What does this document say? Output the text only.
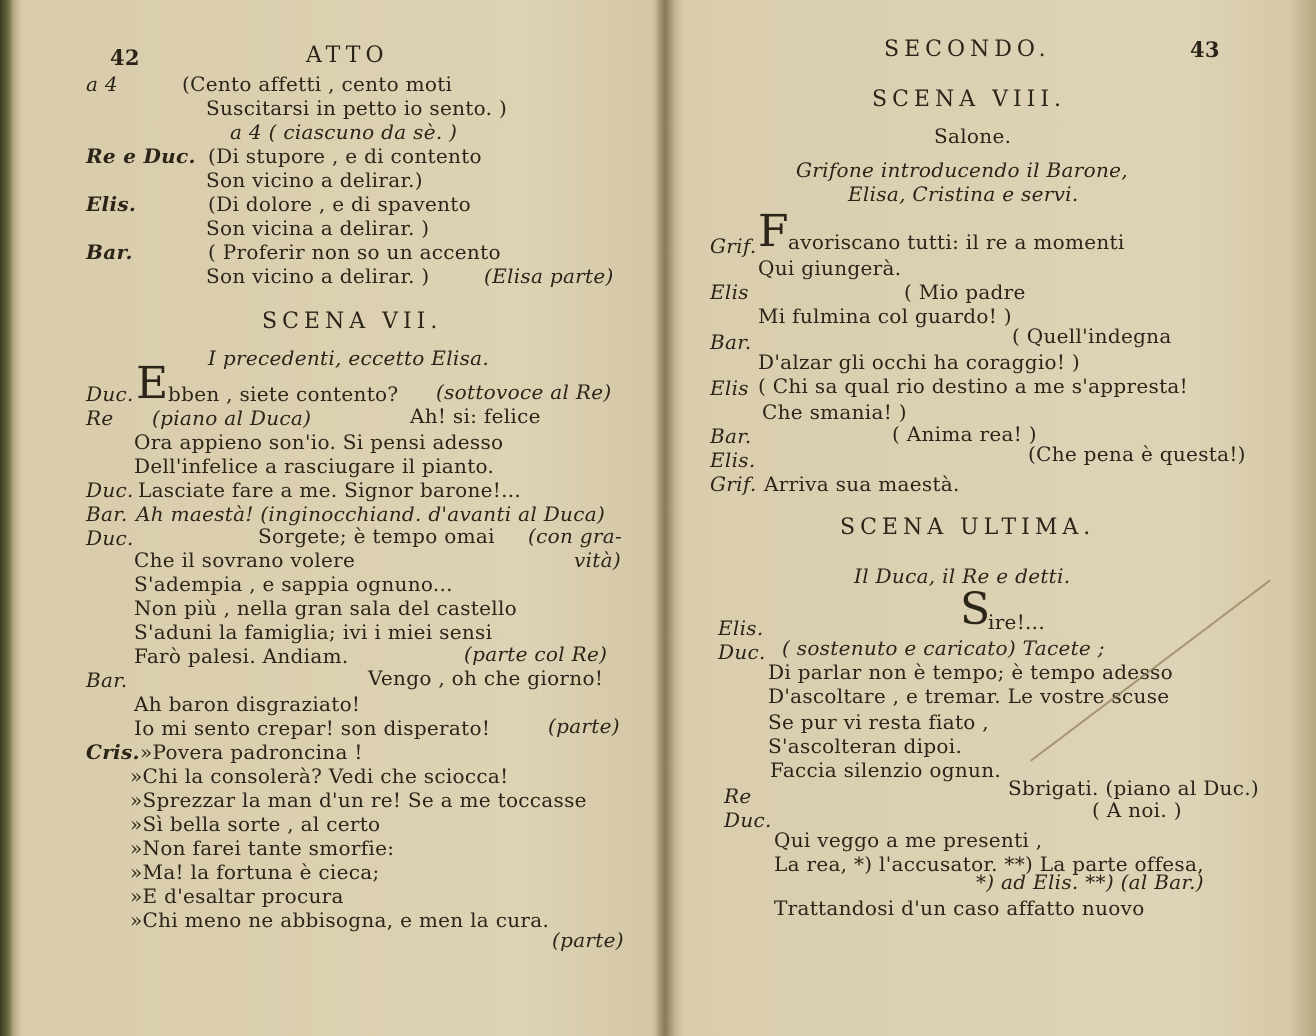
42	ATTO
a 4	(Cento affetti , cento moti
Suscitarsi in petto io sento. )
a 4 ( ciascuno da sè. )
Re e Duc. (Di stupore , e di contento
Son vicino a delirar.)
Elis.	(Di dolore , e di spavento
Son vicina a delirar. )
Bar.	( Proferir non so un accento
Son vicino a delirar. )	(Elisa parte)
SCENA VII.
I precedenti, eccetto Elisa.
Duc. E bben , siete contento? (sottovoce al Re)
Re (piano al Duca)	Ah! si: felice
Ora appieno son'io. Si pensi adesso
Dell'infelice a rasciugare il pianto.
Duc. Lasciate fare a me. Signor barone!...
Bar. Ah maestà! (inginocchiand. d'avanti al Duca)
Duc.	Sorgete; è tempo omai (con gra-
Che il sovrano volere	vità)
S'adempia , e sappia ognuno...
Non più , nella gran sala del castello
S'aduni la famiglia; ivi i miei sensi
Farò palesi. Andiam.	(parte col Re)
Bar.	Vengo , oh che giorno!
Ah baron disgraziato!
Io mi sento crepar! son disperato!	(parte)
Cris. »Povera padroncina !
»Chi la consolerà? Vedi che sciocca!
»Sprezzar la man d'un re! Se a me toccasse
»Sì bella sorte , al certo
»Non farei tante smorfie:
»Ma! la fortuna è cieca;
»E d'esaltar procura
»Chi meno ne abbisogna, e men la cura.
(parte)
SECONDO.	43
SCENA VIII.
Salone.
Grifone introducendo il Barone,
Elisa, Cristina e servi.
Grif. F avoriscano tutti: il re a momenti
Qui giungerà.
Elis	( Mio padre
Mi fulmina col guardo! )
Bar.	( Quell'indegna
D'alzar gli occhi ha coraggio! )
Elis ( Chi sa qual rio destino a me s'appresta!
Che smania! )
Bar.	( Anima rea! )
Elis.	(Che pena è questa!)
Grif. Arriva sua maestà.
SCENA ULTIMA.
Il Duca, il Re e detti.
Elis.	S
ire!...
Duc. ( sostenuto e caricato) Tacete ;
Di parlar non è tempo; è tempo adesso
D'ascoltare , e tremar. Le vostre scuse
Se pur vi resta fiato ,
S'ascolteran dipoi.
Faccia silenzio ognun.
Re	Sbrigati. (piano al Duc.)
Duc.	( A noi. )
Qui veggo a me presenti ,
La rea, *) l'accusator. **) La parte offesa,
*) ad Elis. **) (al Bar.)
Trattandosi d'un caso affatto nuovo
